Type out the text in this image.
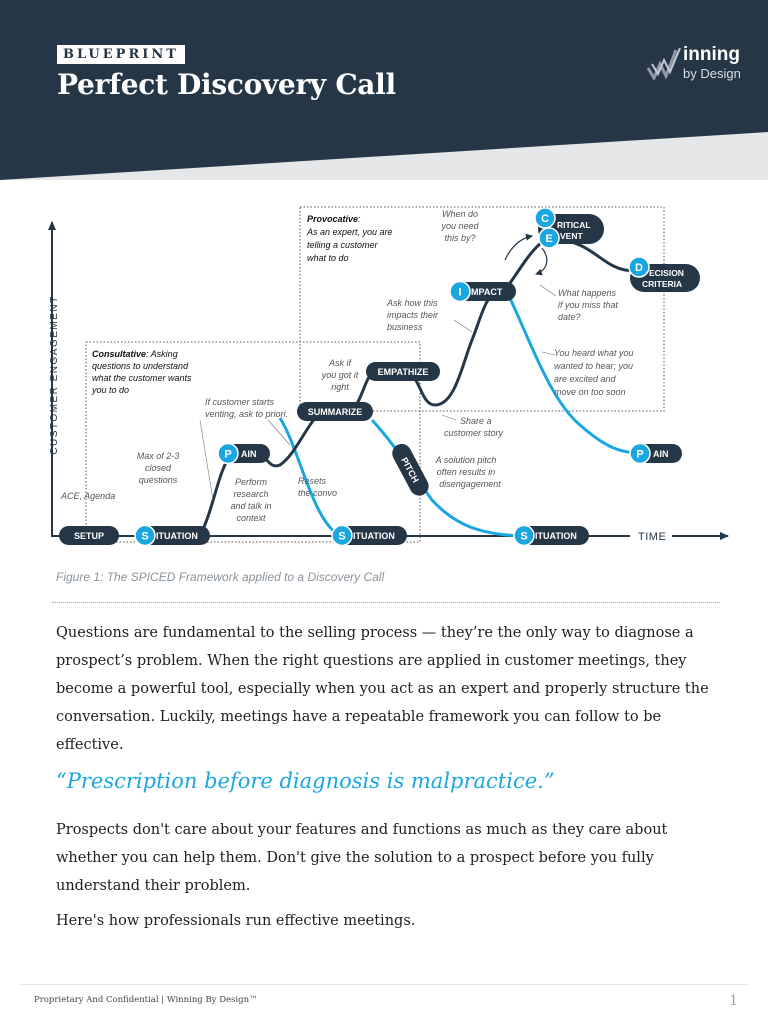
BLUEPRINT
Perfect Discovery Call
inning
by Design
CUSTOMER ENGAGEMENT
TIME
SETUP	S ITUATION
P AIN
SUMMARIZE
EMPATHIZE
S ITUATION
PITCH
I MPACT
C
E
RITICAL
VENT
D ECISION
CRITERIA
S ITUATION
P AIN
Consultative: Asking
questions to understand
what the customer wants
you to do
Provocative:
As an expert, you are
telling a customer
what to do
ACE, Agenda
Max of 2-3
closed
questions	Perform
research
and talk in
context
If customer starts
venting, ask to priori.
Resets
the convo
Ask if
you got it
right
Ask how this
impacts their
business
Share a
customer story
A solution pitch
often results in
disengagement
When do
you need
this by?
What happens
if you miss that
date?
You heard what you
wanted to hear; you
are excited and
move on too soon
Figure 1: The SPICED Framework applied to a Discovery Call
Questions are fundamental to the selling process — they’re the only way to diagnose a prospect’s problem. When the right questions are applied in customer meetings, they become a powerful tool, especially when you act as an expert and properly structure the conversation. Luckily, meetings have a repeatable framework you can follow to be effective.
“Prescription before diagnosis is malpractice.”
Prospects don't care about your features and functions as much as they care about whether you can help them. Don't give the solution to a prospect before you fully understand their problem.
Here's how professionals run effective meetings.
Proprietary And Confidential | Winning By Design™	1
